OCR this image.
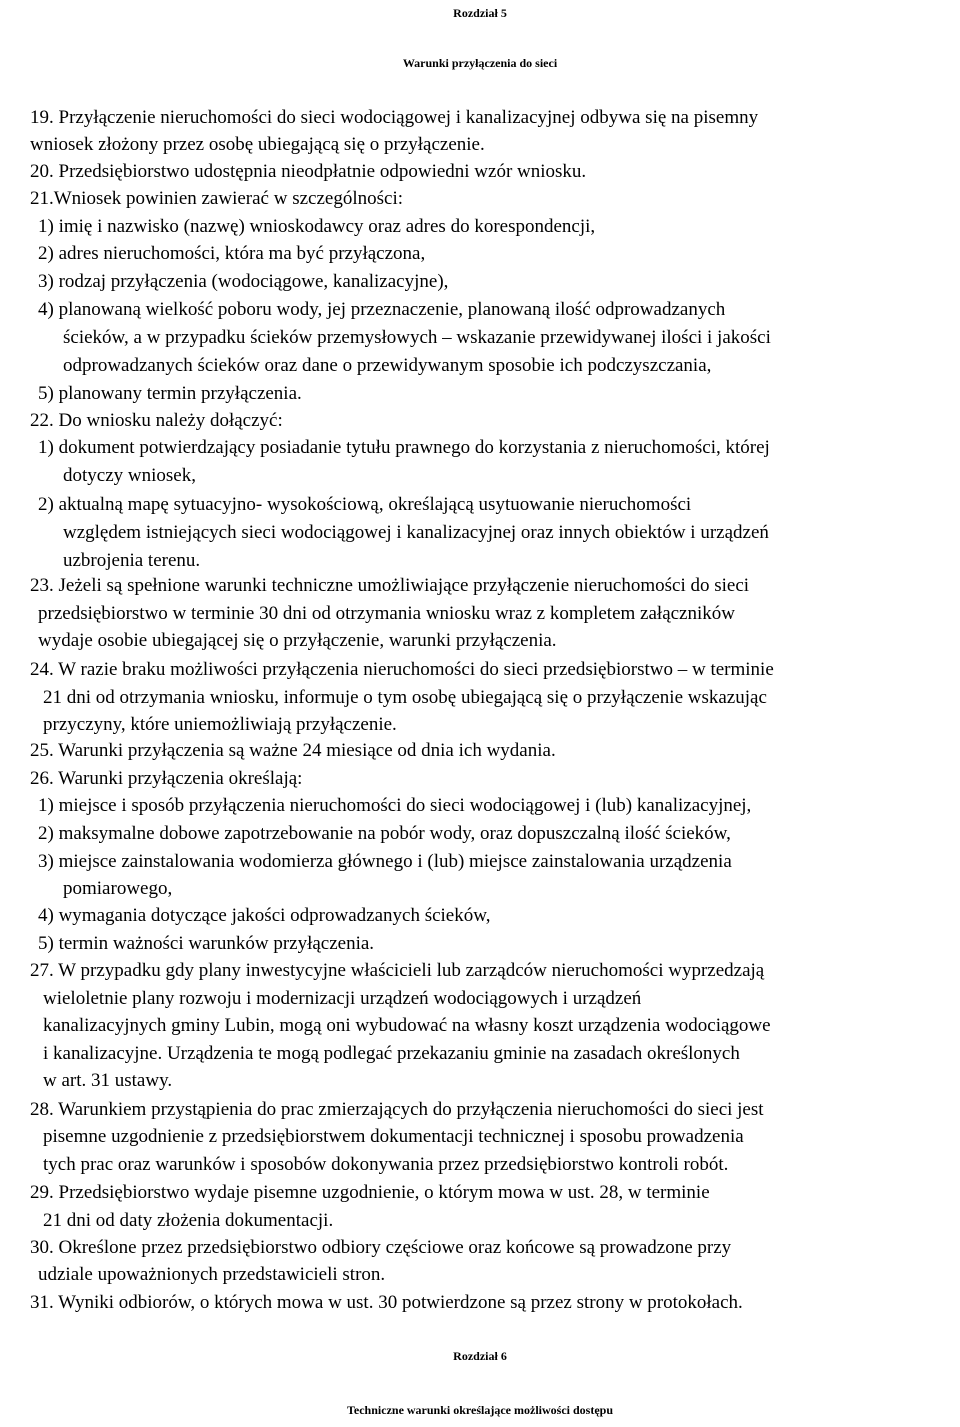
Rozdział 5
Warunki przyłączenia do sieci
19. Przyłączenie nieruchomości do sieci wodociągowej i kanalizacyjnej odbywa się na pisemny
wniosek złożony przez osobę ubiegającą się o przyłączenie.
20. Przedsiębiorstwo udostępnia nieodpłatnie odpowiedni wzór wniosku.
21.Wniosek powinien zawierać w szczególności:
1) imię i nazwisko (nazwę) wnioskodawcy oraz adres do korespondencji,
2) adres nieruchomości, która ma być przyłączona,
3) rodzaj przyłączenia (wodociągowe, kanalizacyjne),
4) planowaną wielkość poboru wody, jej przeznaczenie, planowaną ilość odprowadzanych
ścieków, a w przypadku ścieków przemysłowych – wskazanie przewidywanej ilości i jakości
odprowadzanych ścieków oraz dane o przewidywanym sposobie ich podczyszczania,
5) planowany termin przyłączenia.
22. Do wniosku należy dołączyć:
1) dokument potwierdzający posiadanie tytułu prawnego do korzystania z nieruchomości, której
dotyczy wniosek,
2) aktualną mapę sytuacyjno- wysokościową, określającą usytuowanie nieruchomości
względem istniejących sieci wodociągowej i kanalizacyjnej oraz innych obiektów i urządzeń
uzbrojenia terenu.
23. Jeżeli są spełnione warunki techniczne umożliwiające przyłączenie nieruchomości do sieci
przedsiębiorstwo w terminie 30 dni od otrzymania wniosku wraz z kompletem załączników
wydaje osobie ubiegającej się o przyłączenie, warunki przyłączenia.
24. W razie braku możliwości przyłączenia nieruchomości do sieci przedsiębiorstwo – w terminie
21 dni od otrzymania wniosku, informuje o tym osobę ubiegającą się o przyłączenie wskazując
przyczyny, które uniemożliwiają przyłączenie.
25. Warunki przyłączenia są ważne 24 miesiące od dnia ich wydania.
26. Warunki przyłączenia określają:
1) miejsce i sposób przyłączenia nieruchomości do sieci wodociągowej i (lub) kanalizacyjnej,
2) maksymalne dobowe zapotrzebowanie na pobór wody, oraz dopuszczalną ilość ścieków,
3) miejsce zainstalowania wodomierza głównego i (lub) miejsce zainstalowania urządzenia
pomiarowego,
4) wymagania dotyczące jakości odprowadzanych ścieków,
5) termin ważności warunków przyłączenia.
27. W przypadku gdy plany inwestycyjne właścicieli lub zarządców nieruchomości wyprzedzają
wieloletnie plany rozwoju i modernizacji urządzeń wodociągowych i urządzeń
kanalizacyjnych gminy Lubin, mogą oni wybudować na własny koszt urządzenia wodociągowe
i kanalizacyjne. Urządzenia te mogą podlegać przekazaniu gminie na zasadach określonych
w art. 31 ustawy.
28. Warunkiem przystąpienia do prac zmierzających do przyłączenia nieruchomości do sieci jest
pisemne uzgodnienie z przedsiębiorstwem dokumentacji technicznej i sposobu prowadzenia
tych prac oraz warunków i sposobów dokonywania przez przedsiębiorstwo kontroli robót.
29. Przedsiębiorstwo wydaje pisemne uzgodnienie, o którym mowa w ust. 28, w terminie
21 dni od daty złożenia dokumentacji.
30. Określone przez przedsiębiorstwo odbiory częściowe oraz końcowe są prowadzone przy
udziale upoważnionych przedstawicieli stron.
31. Wyniki odbiorów, o których mowa w ust. 30 potwierdzone są przez strony w protokołach.
Rozdział 6
Techniczne warunki określające możliwości dostępu
